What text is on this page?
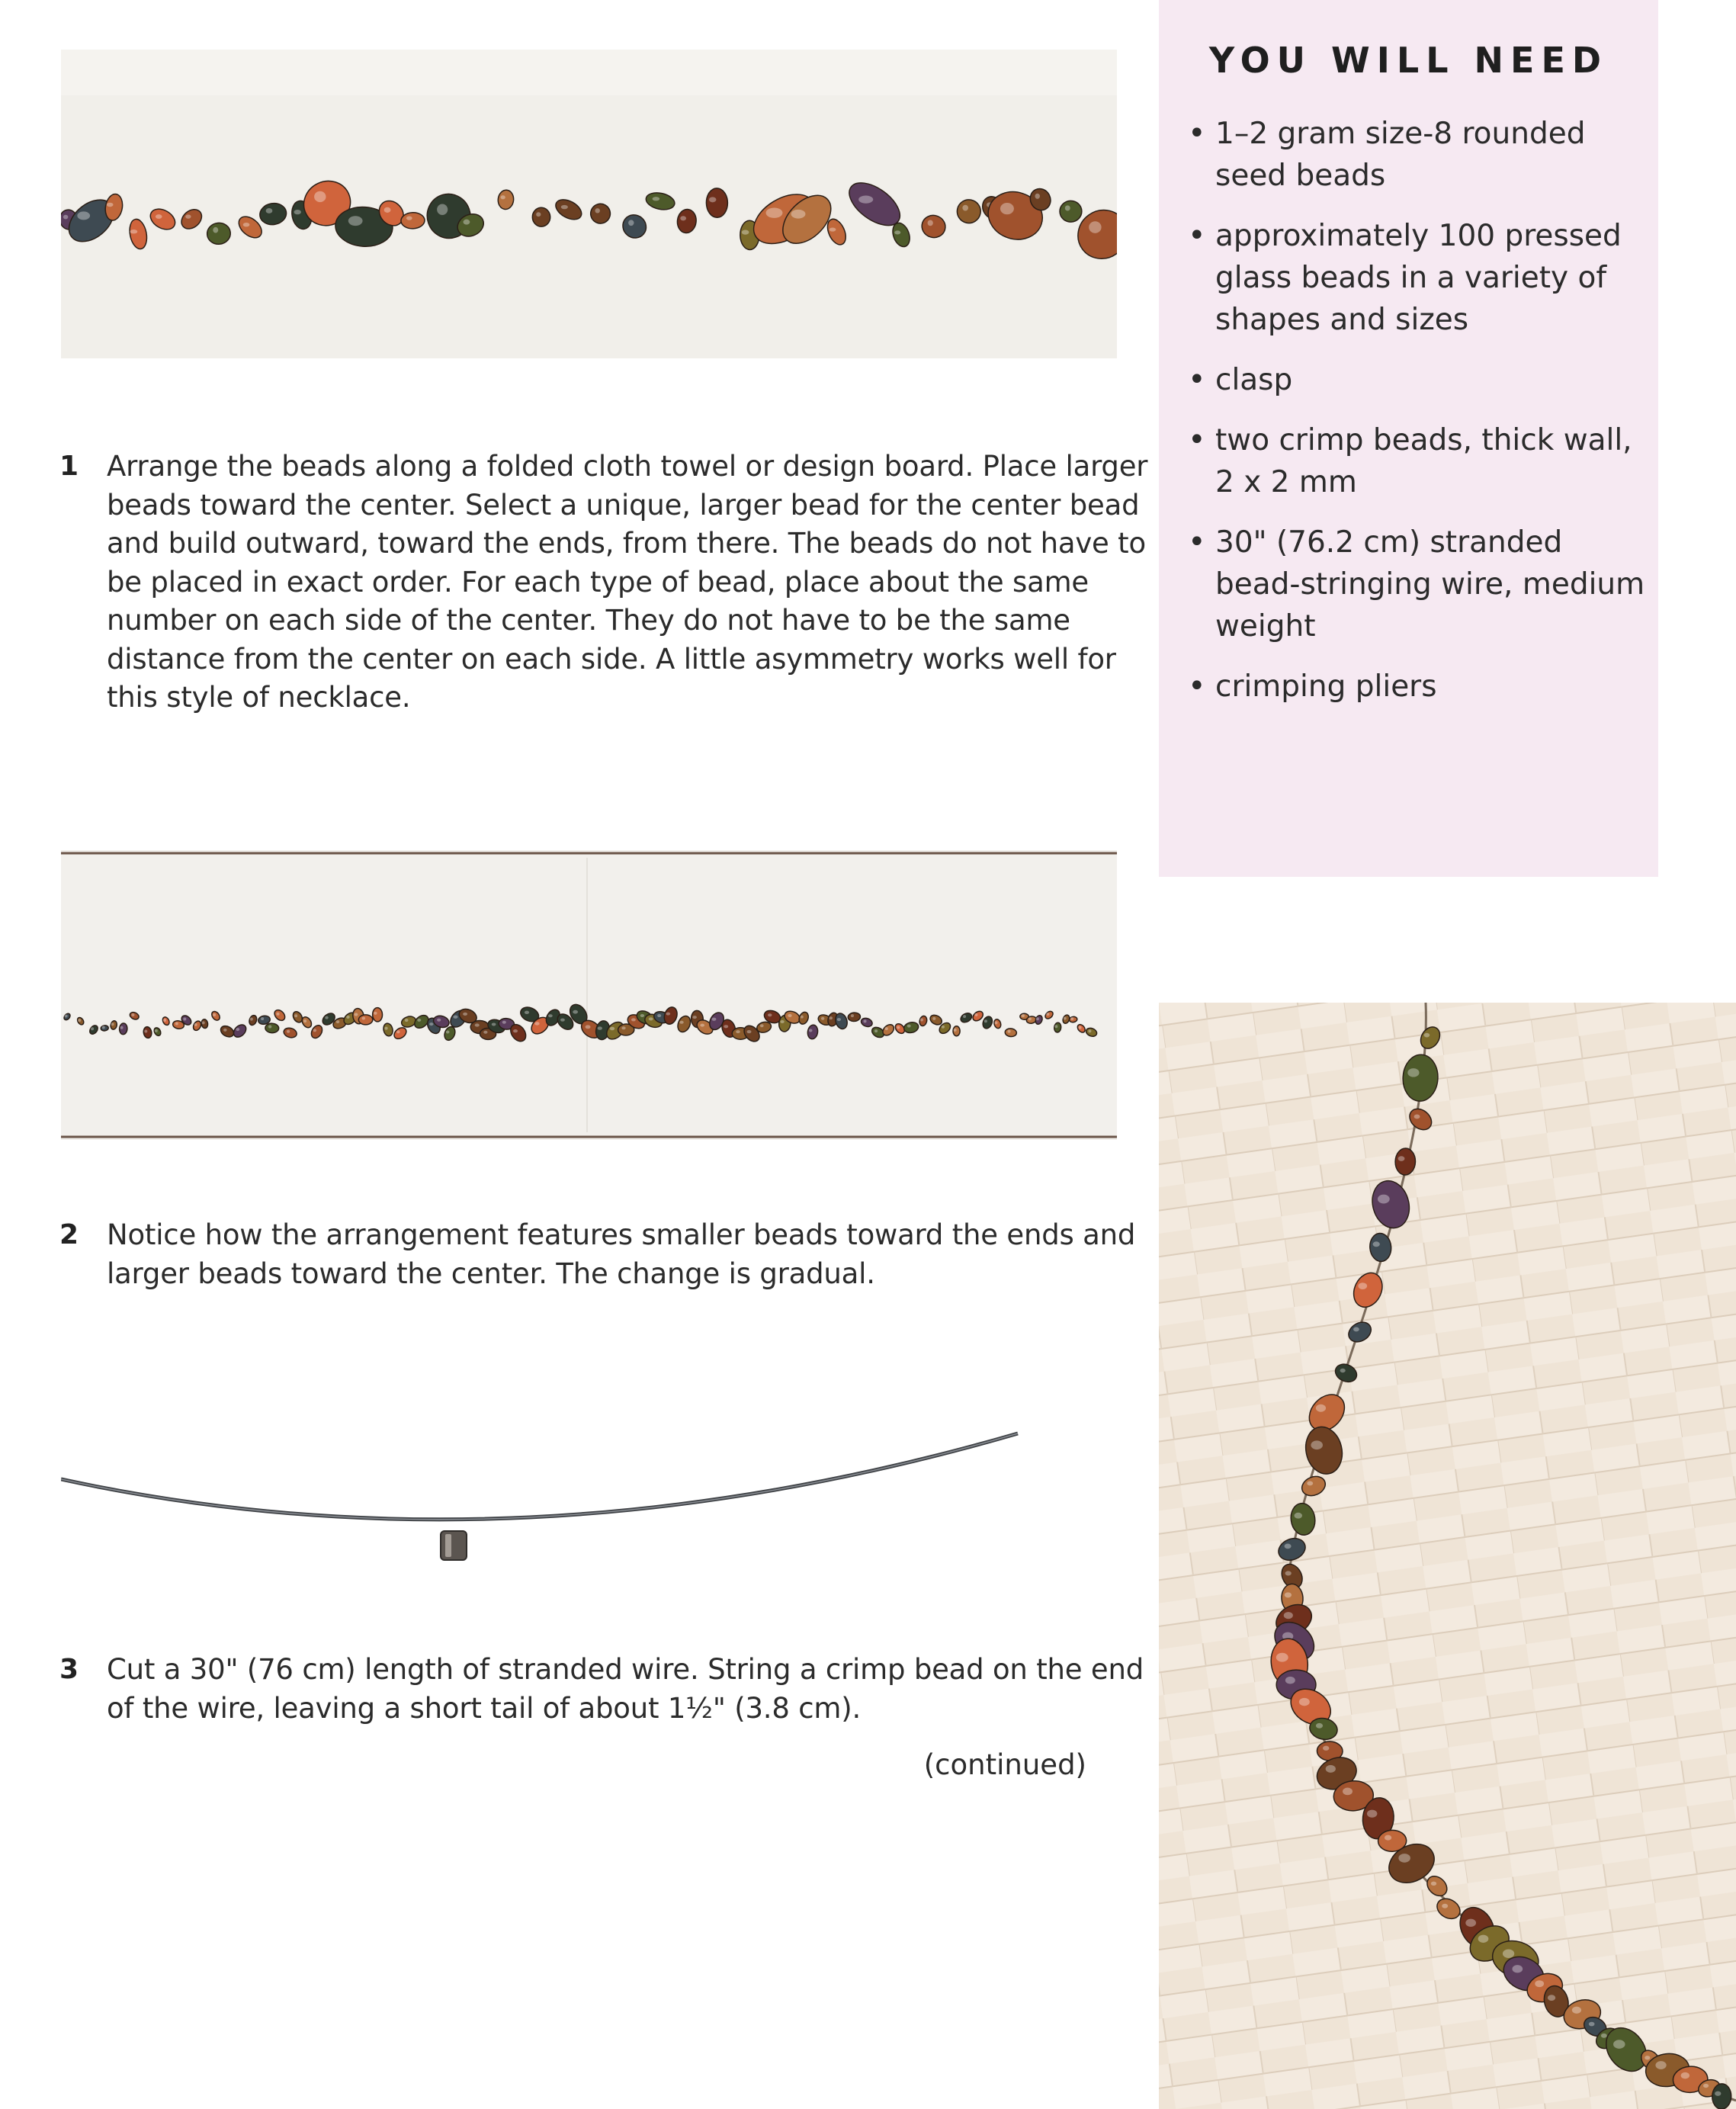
1 Arrange the beads along a folded cloth towel or design board. Place larger beads toward the center. Select a unique, larger bead for the center bead and build outward, toward the ends, from there. The beads do not have to be placed in exact order. For each type of bead, place about the same number on each side of the center. They do not have to be the same distance from the center on each side. A little asymmetry works well for this style of necklace.
2 Notice how the arrangement features smaller beads toward the ends and larger beads toward the center. The change is gradual.
3 Cut a 30" (76 cm) length of stranded wire. String a crimp bead on the end of the wire, leaving a short tail of about 1½" (3.8 cm).
(continued)
YOU WILL NEED
• 1–2 gram size-8 rounded seed beads
• approximately 100 pressed glass beads in a variety of shapes and sizes
• clasp
• two crimp beads, thick wall, 2 x 2 mm
• 30" (76.2 cm) stranded bead-stringing wire, medium weight
• crimping pliers
